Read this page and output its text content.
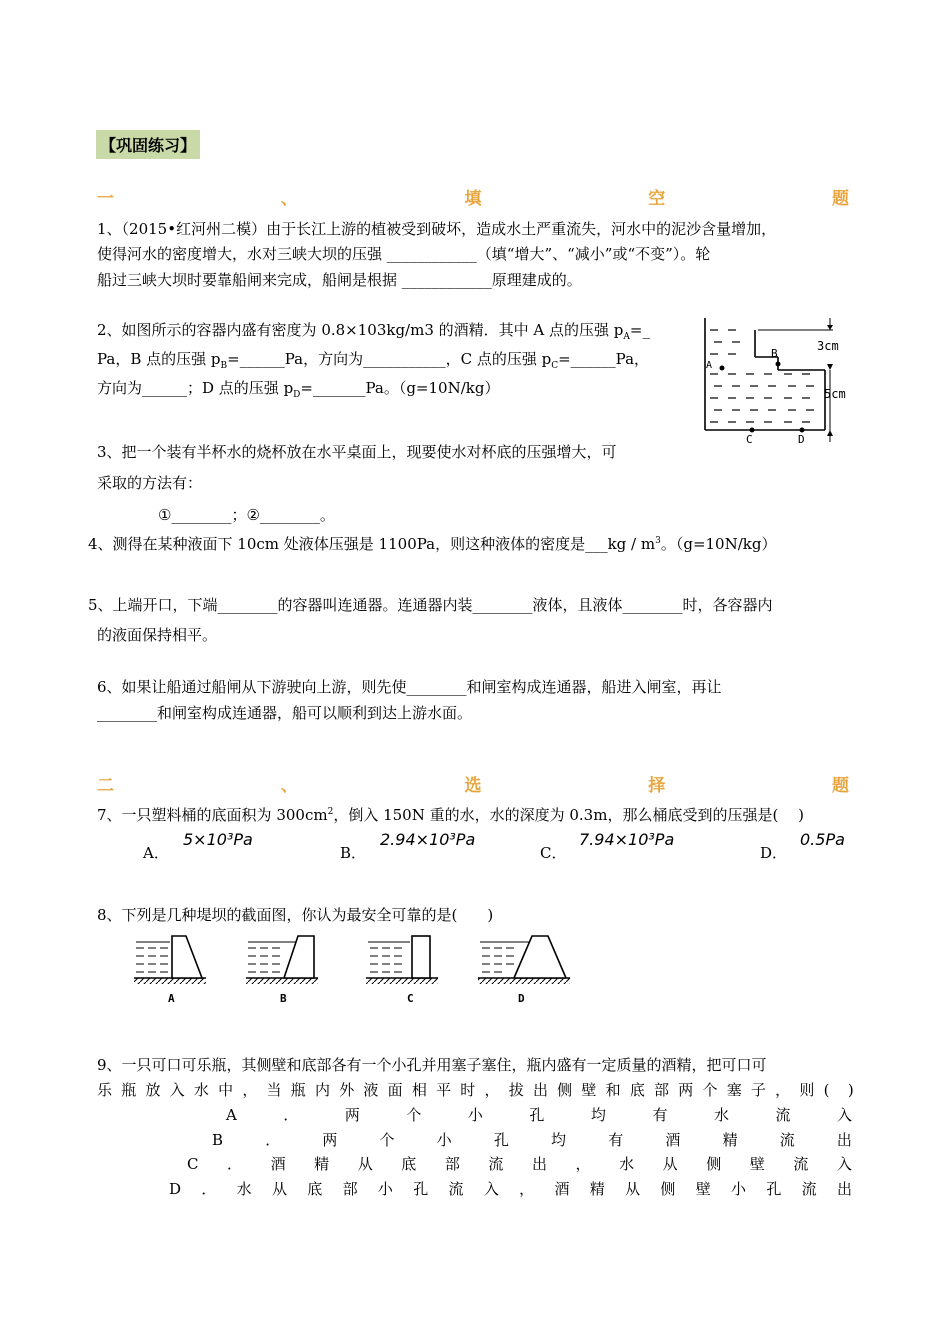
【巩固练习】
一	、	填	空	题
1、（2015•红河州二模）由于长江上游的植被受到破坏，造成水土严重流失，河水中的泥沙含量增加，
使得河水的密度增大，水对三峡大坝的压强 ____________（填“增大”、“减小”或“不变”）。轮
船过三峡大坝时要靠船闸来完成，船闸是根据 ____________原理建成的。
2、如图所示的容器内盛有密度为 0.8×103kg/m3 的酒精．其中 A 点的压强 $p_A=\_$
Pa，B 点的压强 $p_B=\_\_\_\_\_\_Pa$，方向为___________，C 点的压强 $p_C=\_\_\_\_\_\_Pa$，
方向为______；D 点的压强 $p_D=\_\_\_\_\_\_\_Pa$。（g=10N/kg）
A
B
C	D
3cm
5cm
3、把一个装有半杯水的烧杯放在水平桌面上，现要使水对杯底的压强增大，可
采取的方法有：
①________；②________。
4、测得在某种液面下 10cm 处液体压强是 1100Pa，则这种液体的密度是___kg / $m^3$。（g=10N/kg）
5、上端开口，下端________的容器叫连通器。连通器内装________液体，且液体________时，各容器内
的液面保持相平。
6、如果让船通过船闸从下游驶向上游，则先使________和闸室构成连通器，船进入闸室，再让
________和闸室构成连通器，船可以顺利到达上游水面。
二	、	选	择	题
7、一只塑料桶的底面积为 $300cm^2$，倒入 150N 重的水，水的深度为 0.3m，那么桶底受到的压强是(　 )
A．
5×10³Pa
B．
2.94×10³Pa
C．
7.94×10³Pa
D．
0.5Pa
8、下列是几种堤坝的截面图，你认为最安全可靠的是(　　)
A	B	C	D
9、一只可口可乐瓶，其侧壁和底部各有一个小孔并用塞子塞住，瓶内盛有一定质量的酒精，把可口可
乐 瓶 放 入 水 中 ， 当 瓶 内 外 液 面 相 平 时 ， 拔 出 侧 壁 和 底 部 两 个 塞 子 ， 则 ( )
A	．	两	个	小	孔	均	有	水	流	入
B	．	两	个	小	孔	均	有	酒	精	流	出
C ． 酒 精 从 底 部 流 出 ， 水 从 侧 壁 流 入
D ． 水 从 底 部 小 孔 流 入 ， 酒 精 从 侧 壁 小 孔 流 出
